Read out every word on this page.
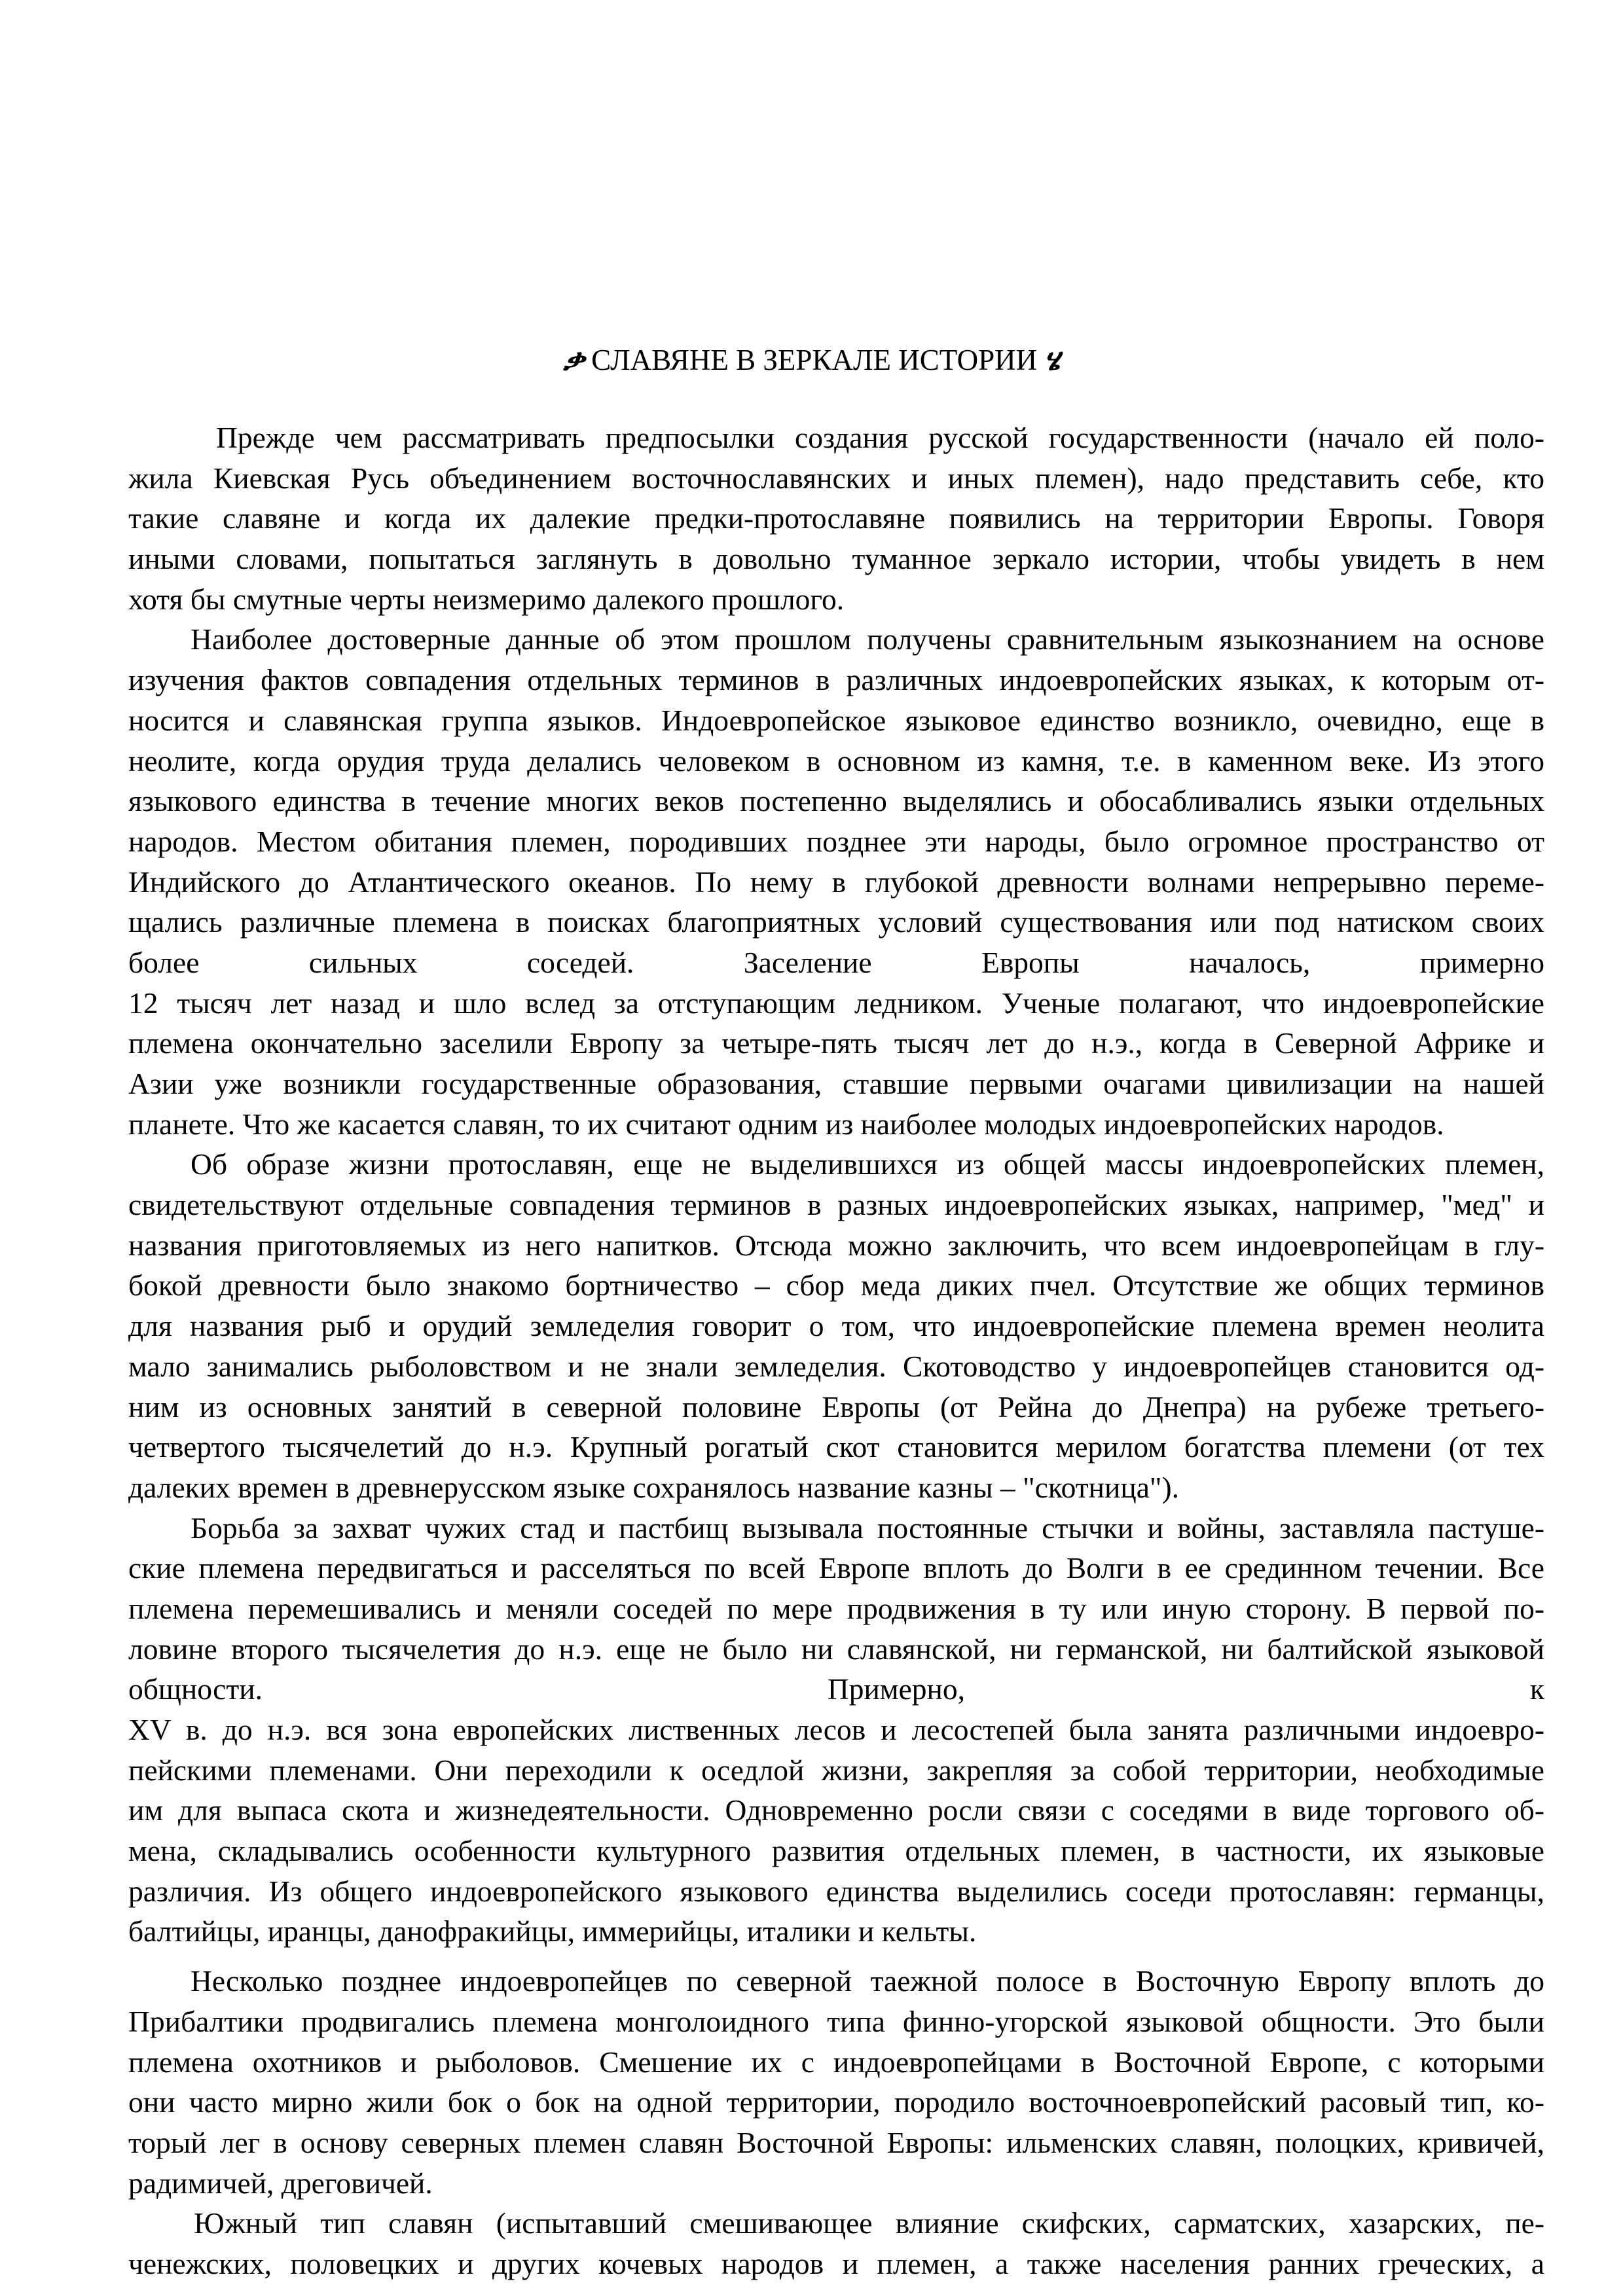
ቃ СЛАВЯНЕ В ЗЕРКАЛЕ ИСТОРИИ ሄ
Прежде чем рассматривать предпосылки создания русской государственности (начало ей поло-
жила Киевская Русь объединением восточнославянских и иных племен), надо представить себе, кто
такие славяне и когда их далекие предки-протославяне появились на территории Европы. Говоря
иными словами, попытаться заглянуть в довольно туманное зеркало истории, чтобы увидеть в нем
хотя бы смутные черты неизмеримо далекого прошлого.
Наиболее достоверные данные об этом прошлом получены сравнительным языкознанием на основе
изучения фактов совпадения отдельных терминов в различных индоевропейских языках, к которым от-
носится и славянская группа языков. Индоевропейское языковое единство возникло, очевидно, еще в
неолите, когда орудия труда делались человеком в основном из камня, т.е. в каменном веке. Из этого
языкового единства в течение многих веков постепенно выделялись и обосабливались языки отдельных
народов. Местом обитания племен, породивших позднее эти народы, было огромное пространство от
Индийского до Атлантического океанов. По нему в глубокой древности волнами непрерывно переме-
щались различные племена в поисках благоприятных условий существования или под натиском своих
более сильных соседей. Заселение Европы началось, примерно
12 тысяч лет назад и шло вслед за отступающим ледником. Ученые полагают, что индоевропейские
племена окончательно заселили Европу за четыре-пять тысяч лет до н.э., когда в Северной Африке и
Азии уже возникли государственные образования, ставшие первыми очагами цивилизации на нашей
планете. Что же касается славян, то их считают одним из наиболее молодых индоевропейских народов.
Об образе жизни протославян, еще не выделившихся из общей массы индоевропейских племен,
свидетельствуют отдельные совпадения терминов в разных индоевропейских языках, например, "мед" и
названия приготовляемых из него напитков. Отсюда можно заключить, что всем индоевропейцам в глу-
бокой древности было знакомо бортничество – сбор меда диких пчел. Отсутствие же общих терминов
для названия рыб и орудий земледелия говорит о том, что индоевропейские племена времен неолита
мало занимались рыболовством и не знали земледелия. Скотоводство у индоевропейцев становится од-
ним из основных занятий в северной половине Европы (от Рейна до Днепра) на рубеже третьего-
четвертого тысячелетий до н.э. Крупный рогатый скот становится мерилом богатства племени (от тех
далеких времен в древнерусском языке сохранялось название казны – "скотница").
Борьба за захват чужих стад и пастбищ вызывала постоянные стычки и войны, заставляла пастуше-
ские племена передвигаться и расселяться по всей Европе вплоть до Волги в ее срединном течении. Все
племена перемешивались и меняли соседей по мере продвижения в ту или иную сторону. В первой по-
ловине второго тысячелетия до н.э. еще не было ни славянской, ни германской, ни балтийской языковой
общности. Примерно, к
XV в. до н.э. вся зона европейских лиственных лесов и лесостепей была занята различными индоевро-
пейскими племенами. Они переходили к оседлой жизни, закрепляя за собой территории, необходимые
им для выпаса скота и жизнедеятельности. Одновременно росли связи с соседями в виде торгового об-
мена, складывались особенности культурного развития отдельных племен, в частности, их языковые
различия. Из общего индоевропейского языкового единства выделились соседи протославян: германцы,
балтийцы, иранцы, данофракийцы, иммерийцы, италики и кельты.
Несколько позднее индоевропейцев по северной таежной полосе в Восточную Европу вплоть до
Прибалтики продвигались племена монголоидного типа финно-угорской языковой общности. Это были
племена охотников и рыболовов. Смешение их с индоевропейцами в Восточной Европе, с которыми
они часто мирно жили бок о бок на одной территории, породило восточноевропейский расовый тип, ко-
торый лег в основу северных племен славян Восточной Европы: ильменских славян, полоцких, кривичей,
радимичей, дреговичей.
Южный тип славян (испытавший смешивающее влияние скифских, сарматских, хазарских, пе-
ченежских, половецких и других кочевых народов и племен, а также населения ранних греческих, а
